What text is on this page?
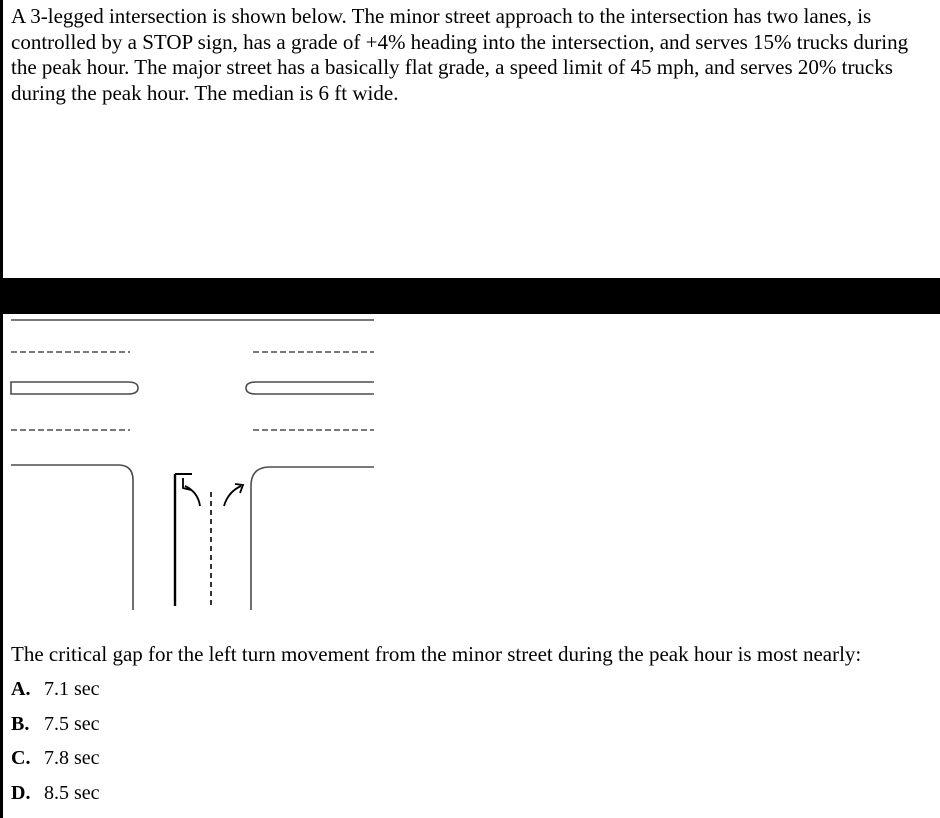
A 3-legged intersection is shown below. The minor street approach to the intersection has two lanes, is controlled by a STOP sign, has a grade of +4% heading into the intersection, and serves 15% trucks during the peak hour. The major street has a basically flat grade, a speed limit of 45 mph, and serves 20% trucks during the peak hour. The median is 6 ft wide.

The critical gap for the left turn movement from the minor street during the peak hour is most nearly:

A. 7.1 sec
B. 7.5 sec
C. 7.8 sec
D. 8.5 sec
